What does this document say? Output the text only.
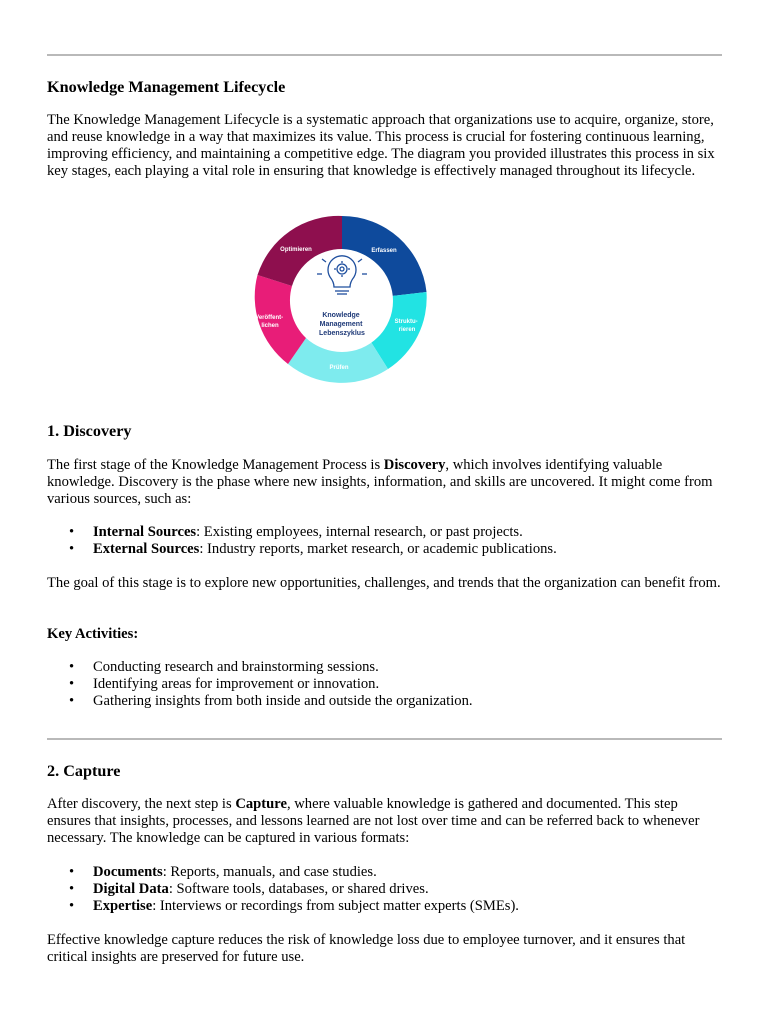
Knowledge Management Lifecycle

The Knowledge Management Lifecycle is a systematic approach that organizations use to acquire, organize, store, and reuse knowledge in a way that maximizes its value. This process is crucial for fostering continuous learning, improving efficiency, and maintaining a competitive edge. The diagram you provided illustrates this process in six key stages, each playing a vital role in ensuring that knowledge is effectively managed throughout its lifecycle.

Knowledge Management Lebenszyklus
Erfassen
Struktu- rieren
Prüfen
Veröffent- lichen
Optimieren
1. Discovery

The first stage of the Knowledge Management Process is Discovery, which involves identifying valuable knowledge. Discovery is the phase where new insights, information, and skills are uncovered. It might come from various sources, such as:

• Internal Sources: Existing employees, internal research, or past projects.
• External Sources: Industry reports, market research, or academic publications.

The goal of this stage is to explore new opportunities, challenges, and trends that the organization can benefit from.

Key Activities:

• Conducting research and brainstorming sessions.
• Identifying areas for improvement or innovation.
• Gathering insights from both inside and outside the organization.
2. Capture

After discovery, the next step is Capture, where valuable knowledge is gathered and documented. This step ensures that insights, processes, and lessons learned are not lost over time and can be referred back to whenever necessary. The knowledge can be captured in various formats:

• Documents: Reports, manuals, and case studies.
• Digital Data: Software tools, databases, or shared drives.
• Expertise: Interviews or recordings from subject matter experts (SMEs).

Effective knowledge capture reduces the risk of knowledge loss due to employee turnover, and it ensures that critical insights are preserved for future use.
